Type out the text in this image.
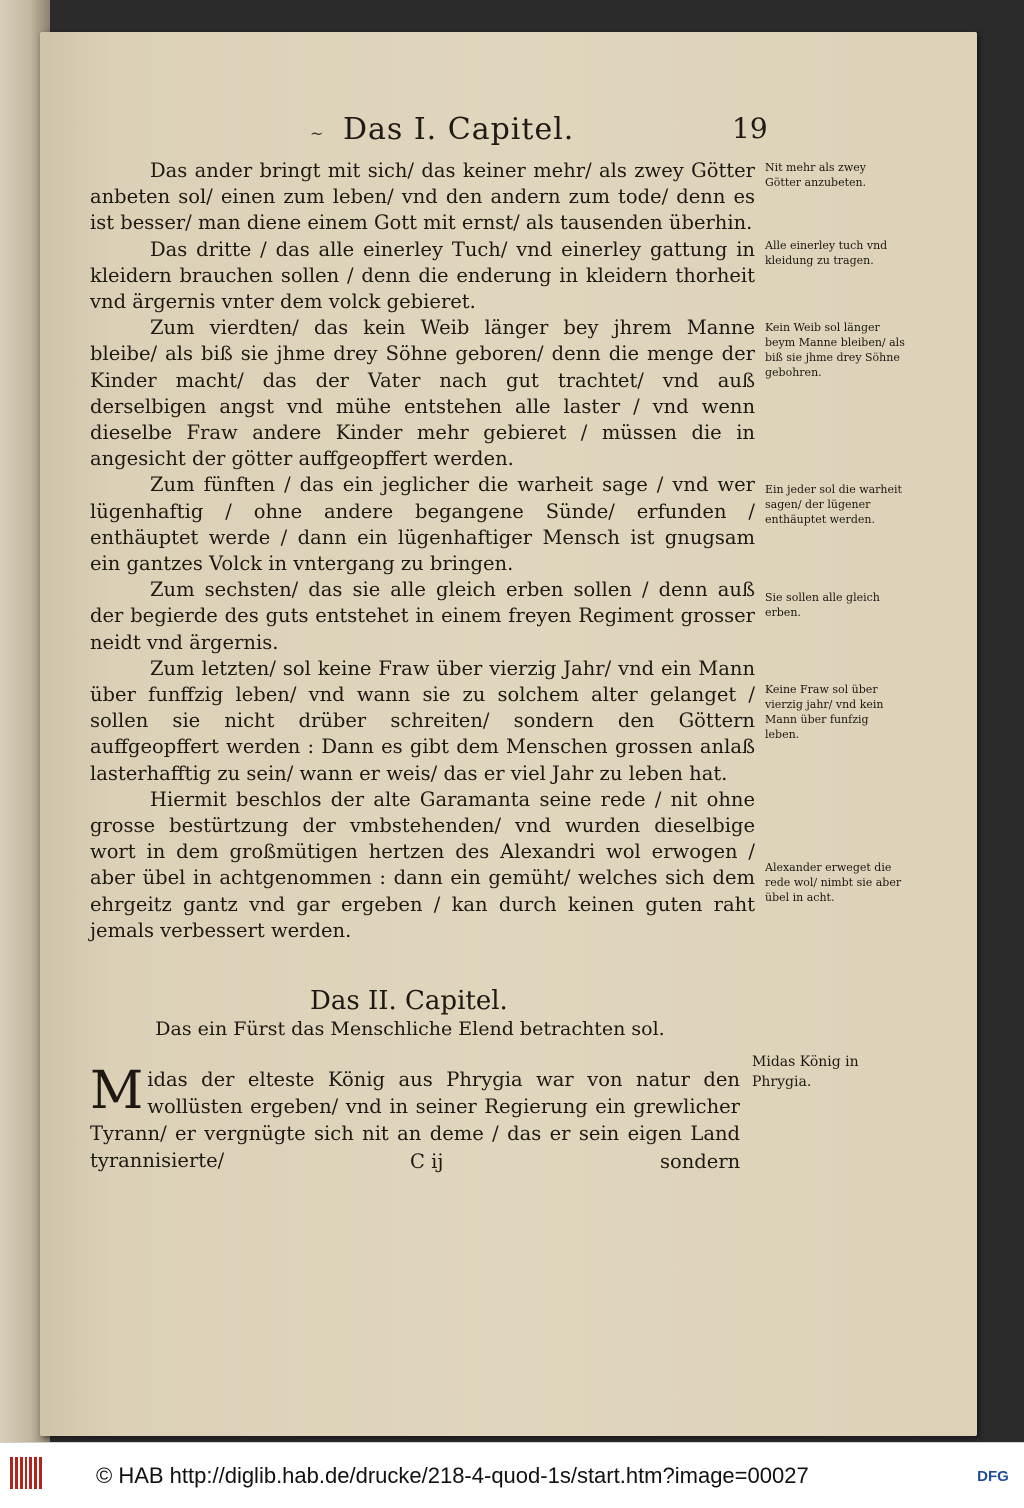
~ Das I. Capitel.	19

Das ander bringt mit sich/ das keiner mehr/ als zwey Götter anbeten sol/ einen zum leben/ vnd den andern zum tode/ denn es ist besser/ man diene einem Gott mit ernst/ als tausenden überhin.

Das dritte / das alle einerley Tuch/ vnd einerley gattung in kleidern brauchen sollen / denn die enderung in kleidern thorheit vnd ärgernis vnter dem volck gebieret.

Zum vierdten/ das kein Weib länger bey jhrem Manne bleibe/ als biß sie jhme drey Söhne geboren/ denn die menge der Kinder macht/ das der Vater nach gut trachtet/ vnd auß derselbigen angst vnd mühe entstehen alle laster / vnd wenn dieselbe Fraw andere Kinder mehr gebieret / müssen die in angesicht der götter auffgeopffert werden.

Zum fünften / das ein jeglicher die warheit sage / vnd wer lügenhaftig / ohne andere begangene Sünde/ erfunden / enthäuptet werde / dann ein lügenhaftiger Mensch ist gnugsam ein gantzes Volck in vntergang zu bringen.

Zum sechsten/ das sie alle gleich erben sollen / denn auß der begierde des guts entstehet in einem freyen Regiment grosser neidt vnd ärgernis.

Zum letzten/ sol keine Fraw über vierzig Jahr/ vnd ein Mann über funffzig leben/ vnd wann sie zu solchem alter gelanget / sollen sie nicht drüber schreiten/ sondern den Göttern auffgeopffert werden : Dann es gibt dem Menschen grossen anlaß lasterhafftig zu sein/ wann er weis/ das er viel Jahr zu leben hat.

Hiermit beschlos der alte Garamanta seine rede / nit ohne grosse bestürtzung der vmbstehenden/ vnd wurden dieselbige wort in dem großmütigen hertzen des Alexandri wol erwogen / aber übel in achtgenommen : dann ein gemüht/ welches sich dem ehrgeitz gantz vnd gar ergeben / kan durch keinen guten raht jemals verbessert werden.

Nit mehr als zwey Götter anzubeten.
Alle einerley tuch vnd kleidung zu tragen.
Kein Weib sol länger beym Manne bleiben/ als biß sie jhme drey Söhne gebohren.
Ein jeder sol die warheit sagen/ der lügener enthäuptet werden.
Sie sollen alle gleich erben.
Keine Fraw sol über vierzig jahr/ vnd kein Mann über funfzig leben.
Alexander erweget die rede wol/ nimbt sie aber übel in acht.
Das II. Capitel.
Das ein Fürst das Menschliche Elend betrachten sol.
M idas der elteste König aus Phrygia war von natur den wollüsten ergeben/ vnd in seiner Regierung ein grewlicher Tyrann/ er vergnügte sich nit an deme / das er sein eigen Land tyrannisierte/
Midas König in Phrygia.
C ij	sondern
© HAB http://diglib.hab.de/drucke/218-4-quod-1s/start.htm?image=00027	DFG
